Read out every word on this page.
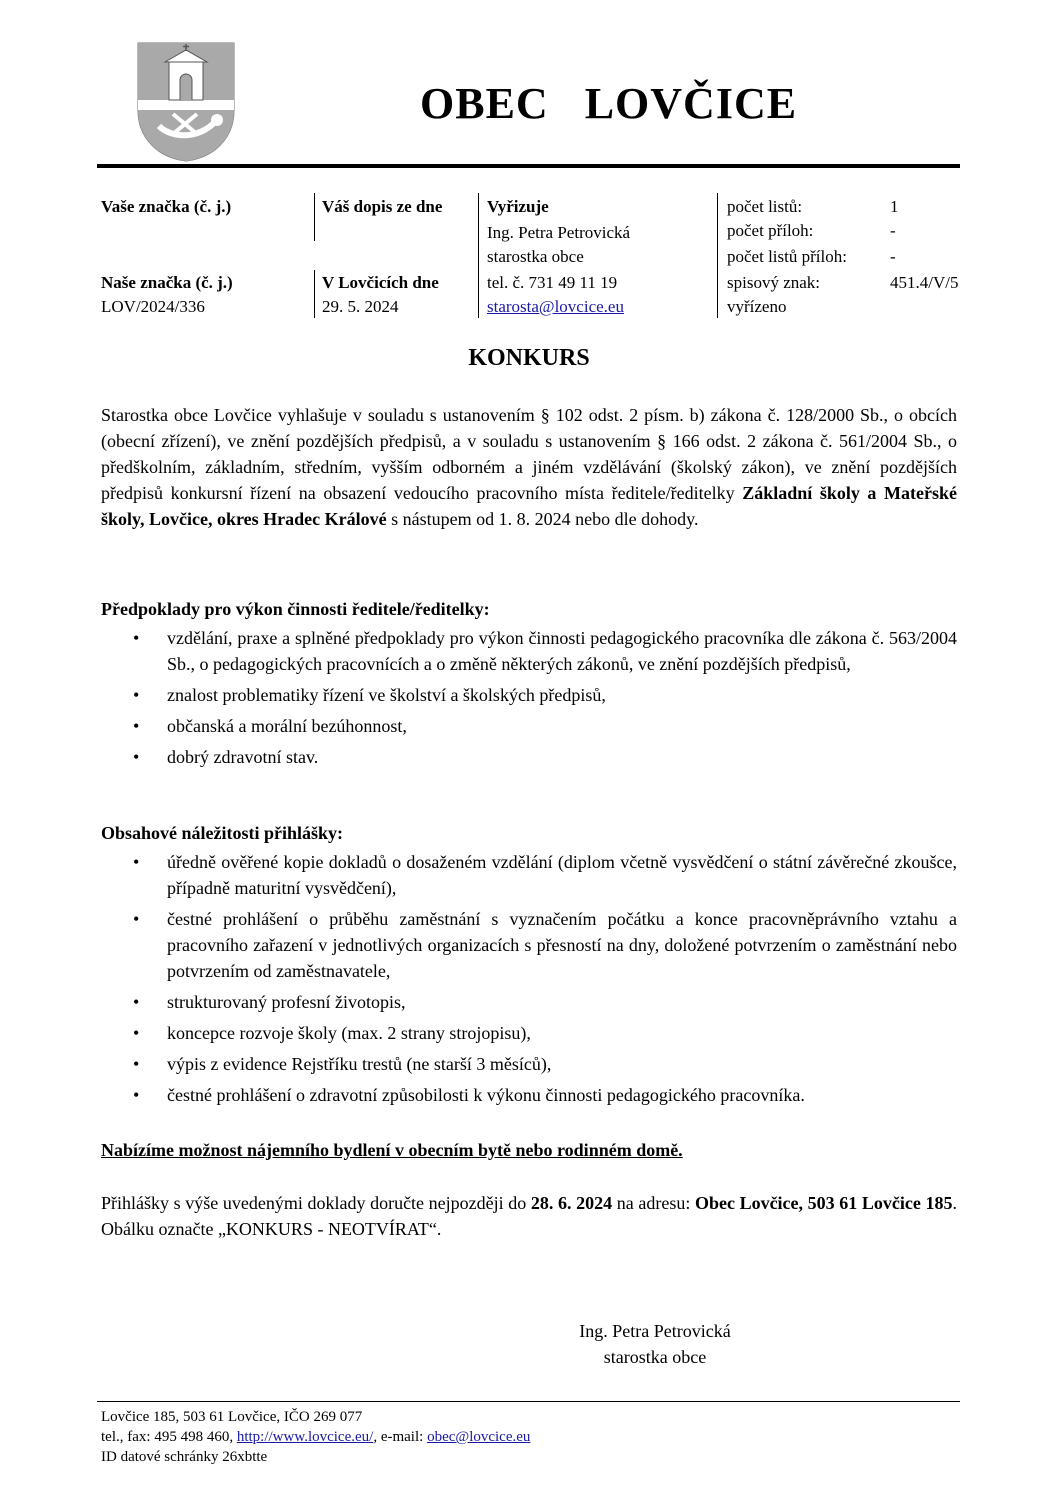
OBEC   LOVČICE
Vaše značka (č. j.)
Naše značka (č. j.)
LOV/2024/336
Váš dopis ze dne
V Lovčicích dne
29. 5. 2024
Vyřizuje
Ing. Petra Petrovická
starostka obce
tel. č. 731 49 11 19
starosta@lovcice.eu
počet listů:
počet příloh:
počet listů příloh:
spisový znak:
vyřízeno
1
-
-
451.4/V/5
KONKURS
Starostka obce Lovčice vyhlašuje v souladu s ustanovením § 102 odst. 2 písm. b) zákona č. 128/2000 Sb., o obcích (obecní zřízení), ve znění pozdějších předpisů, a v souladu s ustanovením § 166 odst. 2 zákona č. 561/2004 Sb., o předškolním, základním, středním, vyšším odborném a jiném vzdělávání (školský zákon), ve znění pozdějších předpisů konkursní řízení na obsazení vedoucího pracovního místa ředitele/ředitelky Základní školy a Mateřské školy, Lovčice, okres Hradec Králové s nástupem od 1. 8. 2024 nebo dle dohody.
Předpoklady pro výkon činnosti ředitele/ředitelky:
• vzdělání, praxe a splněné předpoklady pro výkon činnosti pedagogického pracovníka dle zákona č. 563/2004 Sb., o pedagogických pracovnících a o změně některých zákonů, ve znění pozdějších předpisů,
• znalost problematiky řízení ve školství a školských předpisů,
• občanská a morální bezúhonnost,
• dobrý zdravotní stav.
Obsahové náležitosti přihlášky:
• úředně ověřené kopie dokladů o dosaženém vzdělání (diplom včetně vysvědčení o státní závěrečné zkoušce, případně maturitní vysvědčení),
• čestné prohlášení o průběhu zaměstnání s vyznačením počátku a konce pracovněprávního vztahu a pracovního zařazení v jednotlivých organizacích s přesností na dny, doložené potvrzením o zaměstnání nebo potvrzením od zaměstnavatele,
• strukturovaný profesní životopis,
• koncepce rozvoje školy (max. 2 strany strojopisu),
• výpis z evidence Rejstříku trestů (ne starší 3 měsíců),
• čestné prohlášení o zdravotní způsobilosti k výkonu činnosti pedagogického pracovníka.
Nabízíme možnost nájemního bydlení v obecním bytě nebo rodinném domě.
Přihlášky s výše uvedenými doklady doručte nejpozději do 28. 6. 2024 na adresu: Obec Lovčice, 503 61 Lovčice 185. Obálku označte „KONKURS - NEOTVÍRAT“.
Ing. Petra Petrovická
starostka obce
Lovčice 185, 503 61 Lovčice, IČO 269 077
tel., fax: 495 498 460, http://www.lovcice.eu/, e-mail: obec@lovcice.eu
ID datové schránky 26xbtte
